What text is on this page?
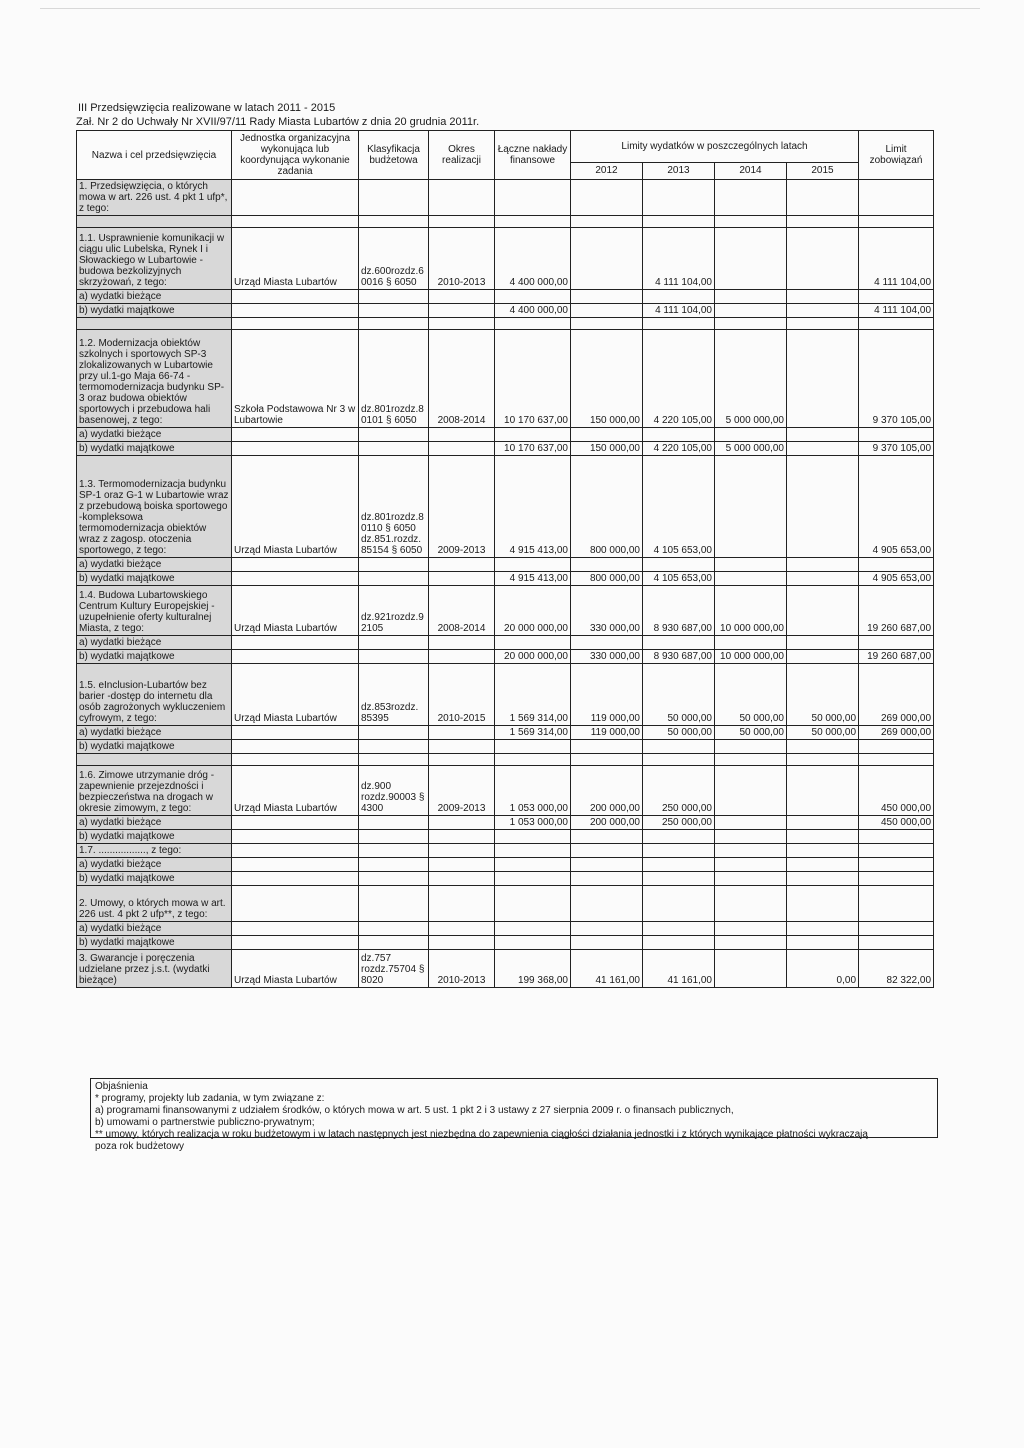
III Przedsięwzięcia realizowane w latach 2011 - 2015
Zał. Nr 2 do Uchwały Nr XVII/97/11 Rady Miasta Lubartów z dnia 20 grudnia 2011r.
Nazwa i cel przedsięwzięcia	Jednostka organizacyjna wykonująca lub koordynująca wykonanie zadania	Klasyfikacja budżetowa	Okres realizacji	Łączne nakłady finansowe	Limity wydatków w poszczególnych latach				Limit zobowiązań
					2012	2013	2014	2015	
1. Przedsięwzięcia, o których mowa w art. 226 ust. 4 pkt 1 ufp*, z tego:									

1.1. Usprawnienie komunikacji w ciągu ulic Lubelska, Rynek I i Słowackiego w Lubartowie - budowa bezkolizyjnych skrzyżowań, z tego:	Urząd Miasta Lubartów	dz.600rozdz.6 0016 § 6050	2010-2013	4 400 000,00		4 111 104,00			4 111 104,00
a) wydatki bieżące									
b) wydatki majątkowe				4 400 000,00		4 111 104,00			4 111 104,00

1.2. Modernizacja obiektów szkolnych i sportowych SP-3 zlokalizowanych w Lubartowie przy ul.1-go Maja 66-74 - termomodernizacja budynku SP-3 oraz budowa obiektów sportowych i przebudowa hali basenowej, z tego:	Szkoła Podstawowa Nr 3 w Lubartowie	dz.801rozdz.8 0101 § 6050	2008-2014	10 170 637,00	150 000,00	4 220 105,00	5 000 000,00		9 370 105,00
a) wydatki bieżące									
b) wydatki majątkowe				10 170 637,00	150 000,00	4 220 105,00	5 000 000,00		9 370 105,00
1.3. Termomodernizacja budynku SP-1 oraz G-1 w Lubartowie wraz z przebudową boiska sportowego -kompleksowa termomodernizacja obiektów wraz z zagosp. otoczenia sportowego, z tego:	Urząd Miasta Lubartów	dz.801rozdz.8 0110 § 6050 dz.851.rozdz. 85154 § 6050	2009-2013	4 915 413,00	800 000,00	4 105 653,00			4 905 653,00
a) wydatki bieżące									
b) wydatki majątkowe				4 915 413,00	800 000,00	4 105 653,00			4 905 653,00
1.4. Budowa Lubartowskiego Centrum Kultury Europejskiej - uzupełnienie oferty kulturalnej Miasta, z tego:	Urząd Miasta Lubartów	dz.921rozdz.9 2105	2008-2014	20 000 000,00	330 000,00	8 930 687,00	10 000 000,00		19 260 687,00
a) wydatki bieżące									
b) wydatki majątkowe				20 000 000,00	330 000,00	8 930 687,00	10 000 000,00		19 260 687,00
1.5. eInclusion-Lubartów bez barier -dostęp do internetu dla osób zagrożonych wykluczeniem cyfrowym, z tego:	Urząd Miasta Lubartów	dz.853rozdz. 85395	2010-2015	1 569 314,00	119 000,00	50 000,00	50 000,00	50 000,00	269 000,00
a) wydatki bieżące				1 569 314,00	119 000,00	50 000,00	50 000,00	50 000,00	269 000,00
b) wydatki majątkowe									

1.6. Zimowe utrzymanie dróg - zapewnienie przejezdności i bezpieczeństwa na drogach w okresie zimowym, z tego:	Urząd Miasta Lubartów	dz.900 rozdz.90003 § 4300	2009-2013	1 053 000,00	200 000,00	250 000,00			450 000,00
a) wydatki bieżące				1 053 000,00	200 000,00	250 000,00			450 000,00
b) wydatki majątkowe									
1.7. ................., z tego:									
a) wydatki bieżące									
b) wydatki majątkowe									
2. Umowy, o których mowa w art. 226 ust. 4 pkt 2 ufp**, z tego:									
a) wydatki bieżące									
b) wydatki majątkowe									
3. Gwarancje i poręczenia udzielane przez j.s.t. (wydatki bieżące)	Urząd Miasta Lubartów	dz.757 rozdz.75704 § 8020	2010-2013	199 368,00	41 161,00	41 161,00		0,00	82 322,00
Objaśnienia
* programy, projekty lub zadania, w tym związane z:
a) programami finansowanymi z udziałem środków, o których mowa w art. 5 ust. 1 pkt 2 i 3 ustawy z 27 sierpnia 2009 r. o finansach publicznych,
b) umowami o partnerstwie publiczno-prywatnym;
** umowy, których realizacja w roku budżetowym i w latach następnych jest niezbędna do zapewnienia ciągłości działania jednostki i z których wynikające płatności wykraczają
poza rok budżetowy
